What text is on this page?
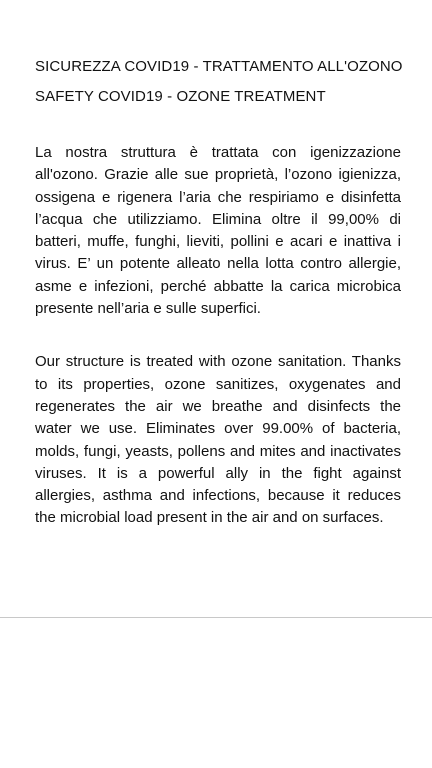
SICUREZZA COVID19 - TRATTAMENTO ALL'OZONO
SAFETY COVID19 - OZONE TREATMENT

La nostra struttura è trattata con igenizzazione all'ozono. Grazie alle sue proprietà, l’ozono igienizza, ossigena e rigenera l’aria che respiriamo e disinfetta l’acqua che utilizziamo. Elimina oltre il 99,00% di batteri, muffe, funghi, lieviti, pollini e acari e inattiva i virus. E’ un potente alleato nella lotta contro allergie, asme e infezioni, perché abbatte la carica microbica presente nell’aria e sulle superfici.

Our structure is treated with ozone sanitation. Thanks to its properties, ozone sanitizes, oxygenates and regenerates the air we breathe and disinfects the water we use. Eliminates over 99.00% of bacteria, molds, fungi, yeasts, pollens and mites and inactivates viruses. It is a powerful ally in the fight against allergies, asthma and infections, because it reduces the microbial load present in the air and on surfaces.
